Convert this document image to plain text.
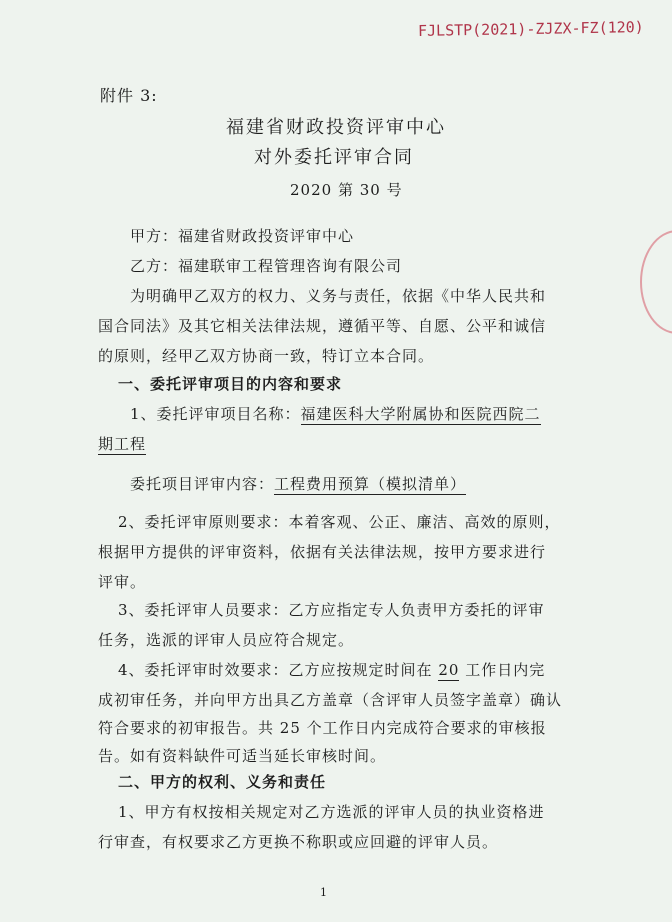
FJLSTP(2021)-ZJZX-FZ(120)
附件 3:
福建省财政投资评审中心
对外委托评审合同
2020 第 30 号
甲方：福建省财政投资评审中心
乙方：福建联审工程管理咨询有限公司
为明确甲乙双方的权力、义务与责任，依据《中华人民共和
国合同法》及其它相关法律法规，遵循平等、自愿、公平和诚信
的原则，经甲乙双方协商一致，特订立本合同。
一、委托评审项目的内容和要求
1、委托评审项目名称：福建医科大学附属协和医院西院二
期工程
委托项目评审内容：工程费用预算（模拟清单）
2、委托评审原则要求：本着客观、公正、廉洁、高效的原则，
根据甲方提供的评审资料，依据有关法律法规，按甲方要求进行
评审。
3、委托评审人员要求：乙方应指定专人负责甲方委托的评审
任务，选派的评审人员应符合规定。
4、委托评审时效要求：乙方应按规定时间在 20 工作日内完
成初审任务，并向甲方出具乙方盖章（含评审人员签字盖章）确认
符合要求的初审报告。共 25 个工作日内完成符合要求的审核报
告。如有资料缺件可适当延长审核时间。
二、甲方的权利、义务和责任
1、甲方有权按相关规定对乙方选派的评审人员的执业资格进
行审查，有权要求乙方更换不称职或应回避的评审人员。
1
